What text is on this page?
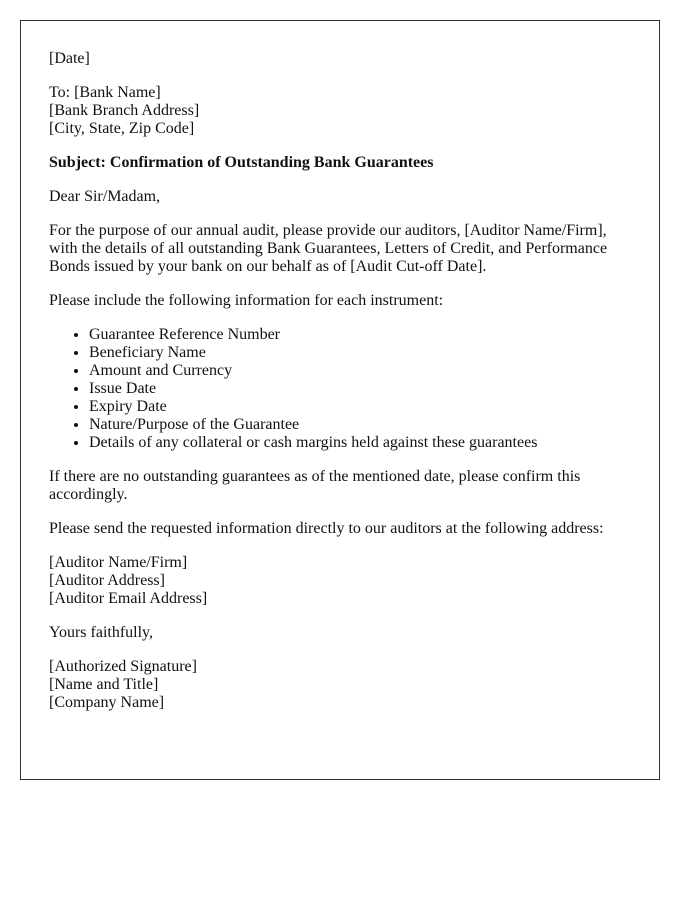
[Date]

To: [Bank Name]
[Bank Branch Address]
[City, State, Zip Code]

Subject: Confirmation of Outstanding Bank Guarantees

Dear Sir/Madam,

For the purpose of our annual audit, please provide our auditors, [Auditor Name/Firm], with the details of all outstanding Bank Guarantees, Letters of Credit, and Performance Bonds issued by your bank on our behalf as of [Audit Cut-off Date].

Please include the following information for each instrument:

• Guarantee Reference Number
• Beneficiary Name
• Amount and Currency
• Issue Date
• Expiry Date
• Nature/Purpose of the Guarantee
• Details of any collateral or cash margins held against these guarantees

If there are no outstanding guarantees as of the mentioned date, please confirm this accordingly.

Please send the requested information directly to our auditors at the following address:

[Auditor Name/Firm]
[Auditor Address]
[Auditor Email Address]

Yours faithfully,

[Authorized Signature]
[Name and Title]
[Company Name]
